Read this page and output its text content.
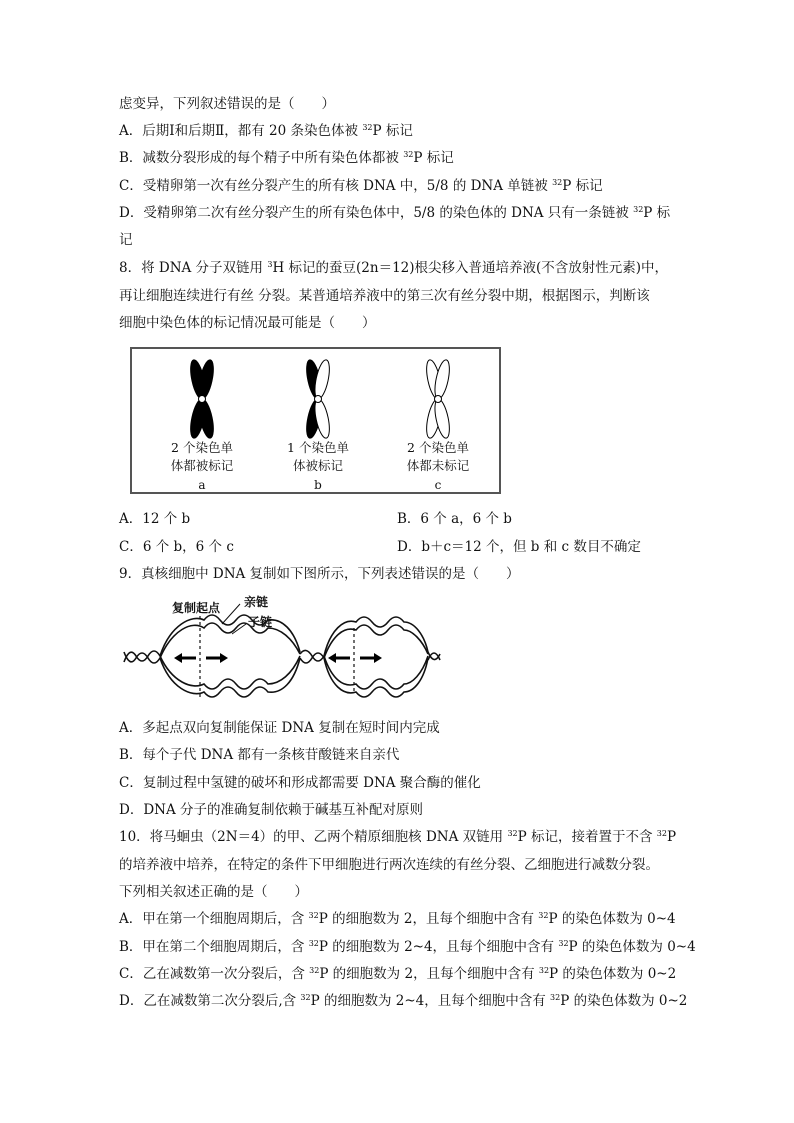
虑变异，下列叙述错误的是（　　）
A．后期Ⅰ和后期Ⅱ，都有 20 条染色体被 $^{32}$P 标记
B．减数分裂形成的每个精子中所有染色体都被 $^{32}$P 标记
C．受精卵第一次有丝分裂产生的所有核 DNA 中，5/8 的 DNA 单链被 $^{32}$P 标记
D．受精卵第二次有丝分裂产生的所有染色体中，5/8 的染色体的 DNA 只有一条链被 $^{32}$P 标
记
8．将 DNA 分子双链用 $^3$H 标记的蚕豆(2n＝12)根尖移入普通培养液(不含放射性元素)中，
再让细胞连续进行有丝 分裂。某普通培养液中的第三次有丝分裂中期，根据图示，判断该
细胞中染色体的标记情况最可能是（　　）
2 个染色单
体都被标记
a
1 个染色单
体被标记
b
2 个染色单
体都未标记
c
A．12 个 b	B．6 个 a，6 个 b
C．6 个 b，6 个 c	D．b＋c＝12 个，但 b 和 c 数目不确定
9．真核细胞中 DNA 复制如下图所示，下列表述错误的是（　　）
复制起点 亲链
子链
A．多起点双向复制能保证 DNA 复制在短时间内完成
B．每个子代 DNA 都有一条核苷酸链来自亲代
C．复制过程中氢键的破坏和形成都需要 DNA 聚合酶的催化
D．DNA 分子的准确复制依赖于碱基互补配对原则
10．将马蛔虫（2N＝4）的甲、乙两个精原细胞核 DNA 双链用 $^{32}$P 标记，接着置于不含 $^{32}$P
的培养液中培养，在特定的条件下甲细胞进行两次连续的有丝分裂、乙细胞进行减数分裂。
下列相关叙述正确的是（　　）
A．甲在第一个细胞周期后，含 $^{32}$P 的细胞数为 2，且每个细胞中含有 $^{32}$P 的染色体数为 0~4
B．甲在第二个细胞周期后，含 $^{32}$P 的细胞数为 2~4，且每个细胞中含有 $^{32}$P 的染色体数为 0~4
C．乙在减数第一次分裂后，含 $^{32}$P 的细胞数为 2，且每个细胞中含有 $^{32}$P 的染色体数为 0~2
D．乙在减数第二次分裂后,含 $^{32}$P 的细胞数为 2~4，且每个细胞中含有 $^{32}$P 的染色体数为 0~2
